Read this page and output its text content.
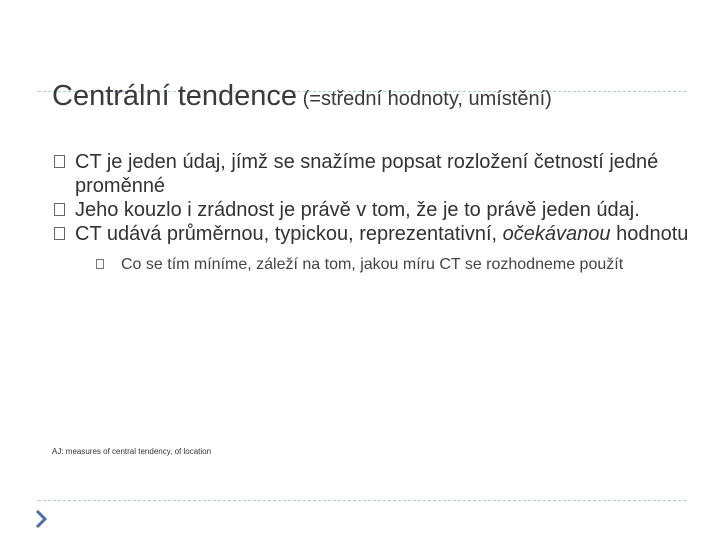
Centrální tendence (=střední hodnoty, umístění)
CT je jeden údaj, jímž se snažíme popsat rozložení četností jedné proměnné
Jeho kouzlo i zrádnost je právě v tom, že je to právě jeden údaj.
CT udává průměrnou, typickou, reprezentativní, očekávanou hodnotu
Co se tím míníme, záleží na tom, jakou míru CT se rozhodneme použít
AJ: measures of central tendency, of location
